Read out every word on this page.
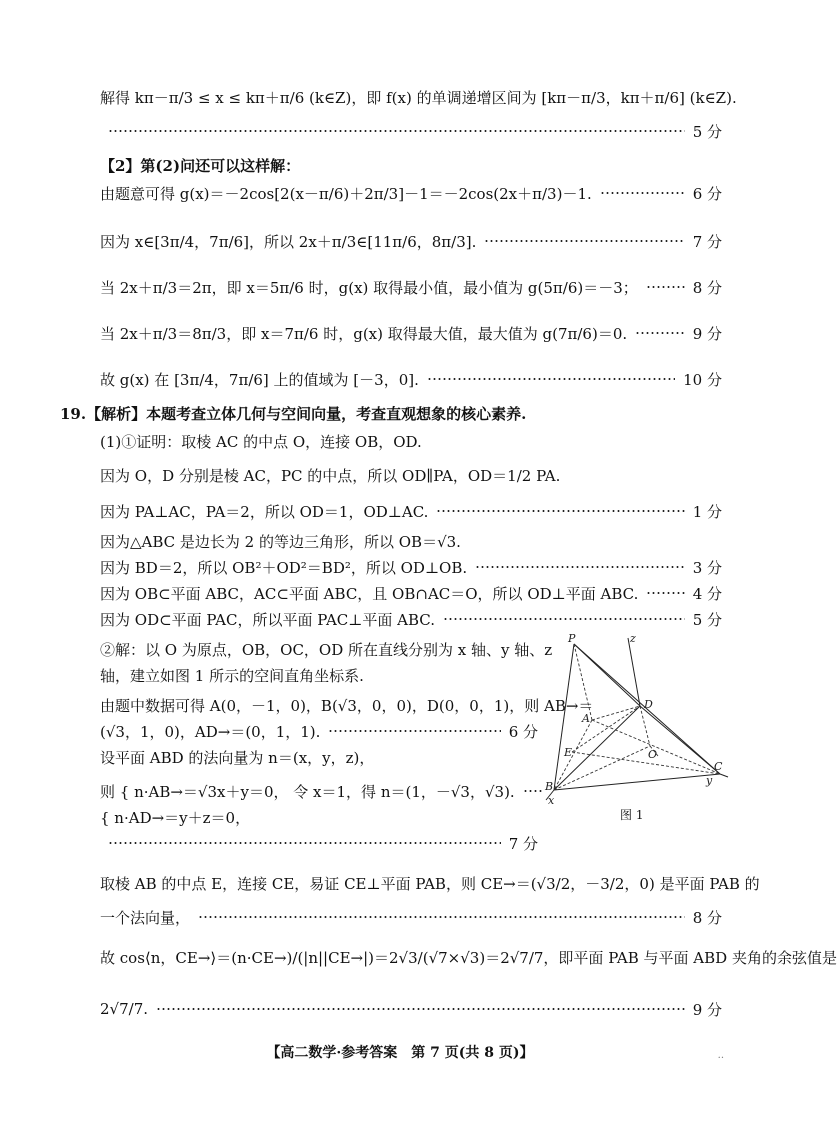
解得 kπ－π/3 ≤ x ≤ kπ＋π/6 (k∈Z)，即 f(x) 的单调递增区间为 [kπ－π/3，kπ＋π/6] (k∈Z).
5 分
【2】第(2)问还可以这样解：
由题意可得 g(x)＝－2cos[2(x－π/6)＋2π/3]－1＝－2cos(2x＋π/3)－1.	6 分
因为 x∈[3π/4，7π/6]，所以 2x＋π/3∈[11π/6，8π/3].	7 分
当 2x＋π/3＝2π，即 x＝5π/6 时，g(x) 取得最小值，最小值为 g(5π/6)＝－3；	8 分
当 2x＋π/3＝8π/3，即 x＝7π/6 时，g(x) 取得最大值，最大值为 g(7π/6)＝0.	9 分
故 g(x) 在 [3π/4，7π/6] 上的值域为 [－3，0].	10 分
19.【解析】本题考查立体几何与空间向量，考查直观想象的核心素养.
(1)①证明：取棱 AC 的中点 O，连接 OB，OD.
因为 O，D 分别是棱 AC，PC 的中点，所以 OD∥PA，OD＝1/2 PA.
因为 PA⊥AC，PA＝2，所以 OD＝1，OD⊥AC.	1 分
因为△ABC 是边长为 2 的等边三角形，所以 OB＝√3.
因为 BD＝2，所以 OB²＋OD²＝BD²，所以 OD⊥OB.	3 分
因为 OB⊂平面 ABC，AC⊂平面 ABC，且 OB∩AC＝O，所以 OD⊥平面 ABC.	4 分
因为 OD⊂平面 PAC，所以平面 PAC⊥平面 ABC.	5 分
②解：以 O 为原点，OB，OC，OD 所在直线分别为 x 轴、y 轴、z
轴，建立如图 1 所示的空间直角坐标系.
由题中数据可得 A(0，－1，0)，B(√3，0，0)，D(0，0，1)，则 AB→＝
(√3，1，0)，AD→＝(0，1，1).	6 分
设平面 ABD 的法向量为 n＝(x，y，z)，
则 { n·AB→＝√3x＋y＝0， 令 x＝1，得 n＝(1，－√3，√3).
{ n·AD→＝y＋z＝0，
7 分
取棱 AB 的中点 E，连接 CE，易证 CE⊥平面 PAB，则 CE→＝(√3/2，－3/2，0) 是平面 PAB 的
一个法向量，	8 分
故 cos⟨n，CE→⟩＝(n·CE→)/(|n||CE→|)＝2√3/(√7×√3)＝2√7/7，即平面 PAB 与平面 ABD 夹角的余弦值是
2√7/7.	9 分
P	z
D
A
E	O
C
y
B
x
图 1
【高二数学·参考答案　第 7 页(共 8 页)】	..
